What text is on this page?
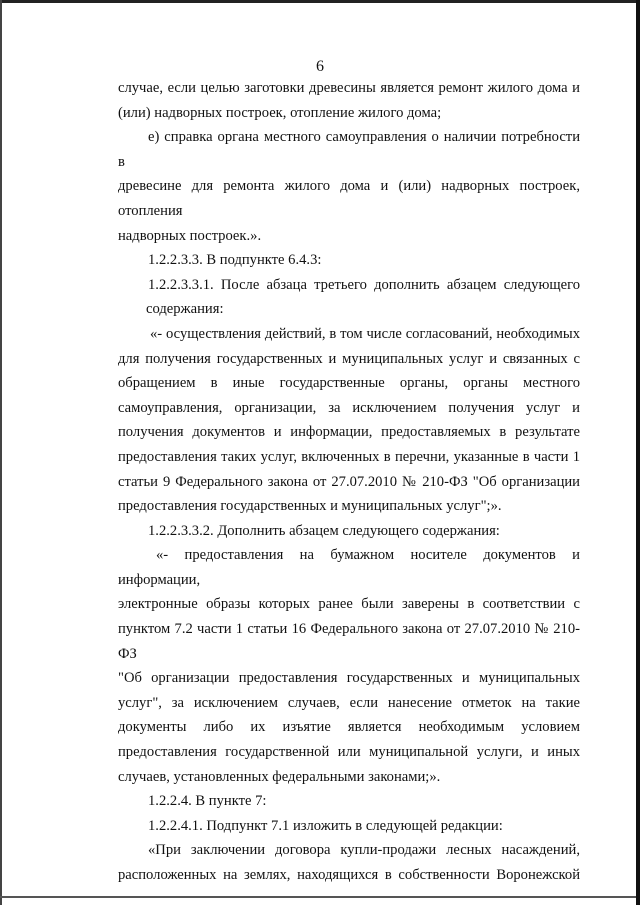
6

случае, если целью заготовки древесины является ремонт жилого дома и

(или) надворных построек, отопление жилого дома;

е) справка органа местного самоуправления о наличии потребности в

древесине для ремонта жилого дома и (или) надворных построек, отопления

надворных построек.».

1.2.2.3.3. В подпункте 6.4.3:

1.2.2.3.3.1. После абзаца третьего дополнить абзацем следующего

содержания:

«- осуществления действий, в том числе согласований, необходимых

для получения государственных и муниципальных услуг и связанных с

обращением в иные государственные органы, органы местного

самоуправления, организации, за исключением получения услуг и

получения документов и информации, предоставляемых в результате

предоставления таких услуг, включенных в перечни, указанные в части 1

статьи 9 Федерального закона от 27.07.2010 № 210-ФЗ "Об организации

предоставления государственных и муниципальных услуг";».

1.2.2.3.3.2. Дополнить абзацем следующего содержания:

«- предоставления на бумажном носителе документов и информации,

электронные образы которых ранее были заверены в соответствии с

пунктом 7.2 части 1 статьи 16 Федерального закона от 27.07.2010 № 210-ФЗ

"Об организации предоставления государственных и муниципальных

услуг", за исключением случаев, если нанесение отметок на такие

документы либо их изъятие является необходимым условием

предоставления государственной или муниципальной услуги, и иных

случаев, установленных федеральными законами;».

1.2.2.4. В пункте 7:

1.2.2.4.1. Подпункт 7.1 изложить в следующей редакции:

«При заключении договора купли-продажи лесных насаждений,

расположенных на землях, находящихся в собственности Воронежской
